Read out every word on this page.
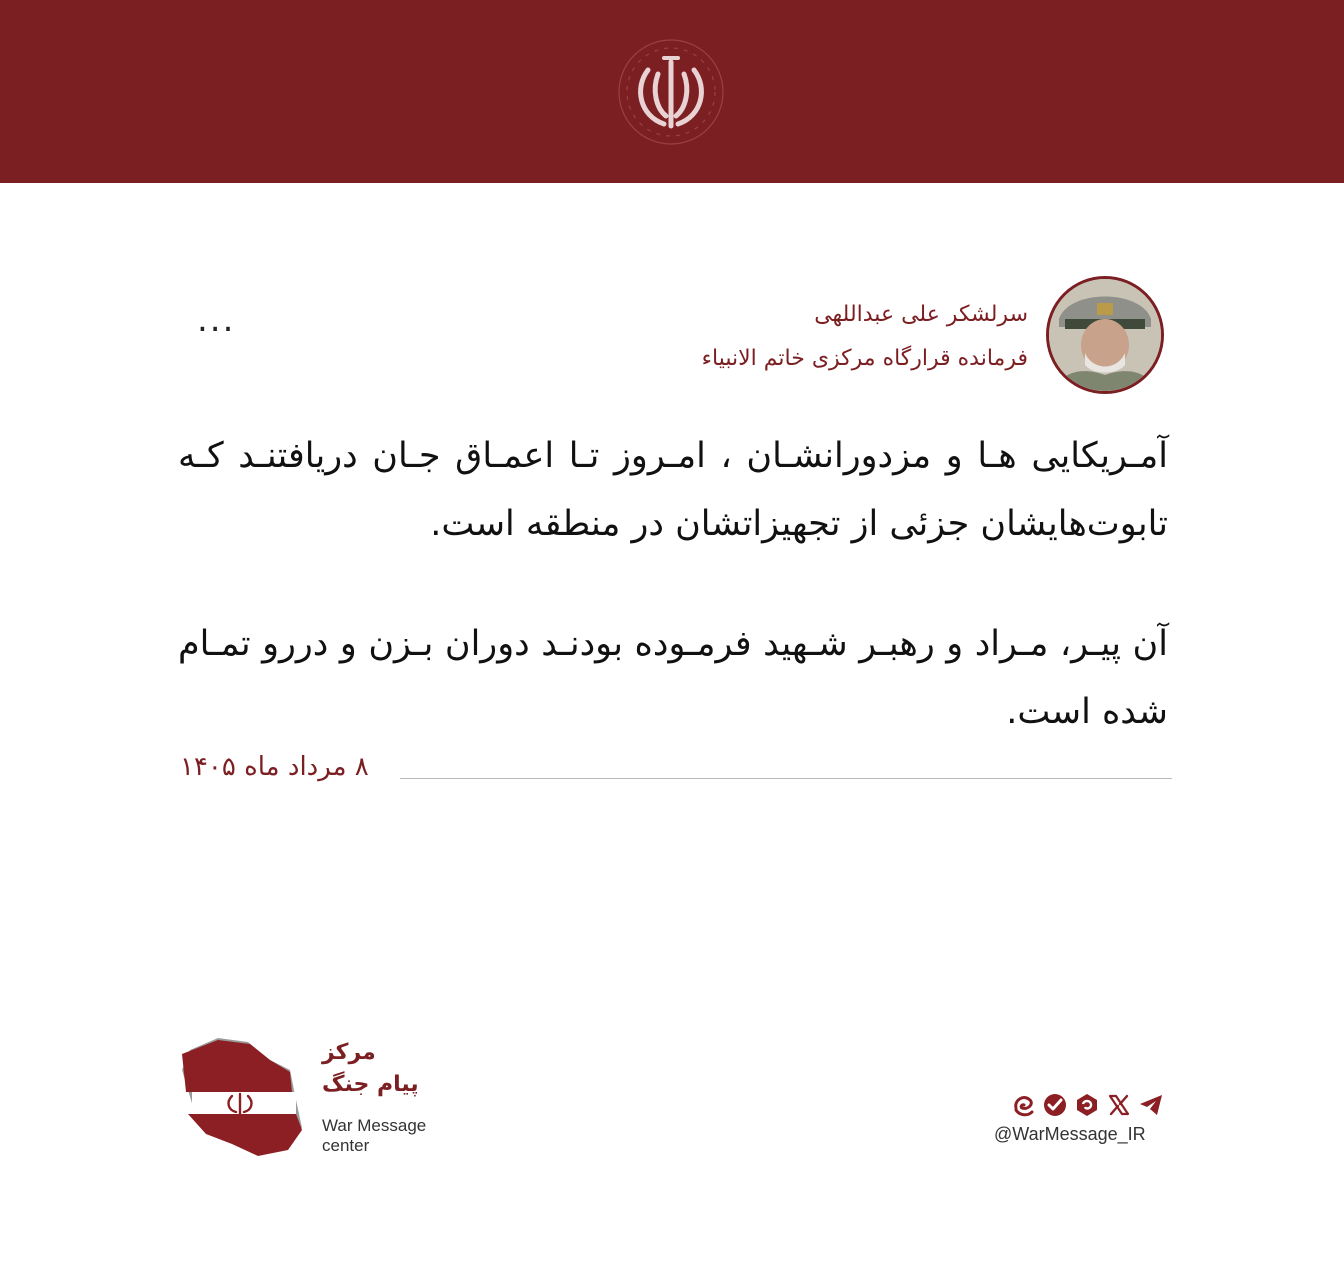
...	سرلشکر علی عبداللهی
فرمانده قرارگاه مرکزی خاتم الانبیاء
آمـریکایی هـا و مزدورانشـان ، امـروز تـا اعمـاق جـان دریافتنـد کـه تابوت‌هایشان جزئی از تجهیزاتشان در منطقه است.
آن پیـر، مـراد و رهبـر شـهید فرمـوده بودنـد دوران بـزن و دررو تمـام شده است.
۸ مرداد ماه ۱۴۰۵
مرکز
پیام جنگ
War Message
center
@WarMessage_IR
